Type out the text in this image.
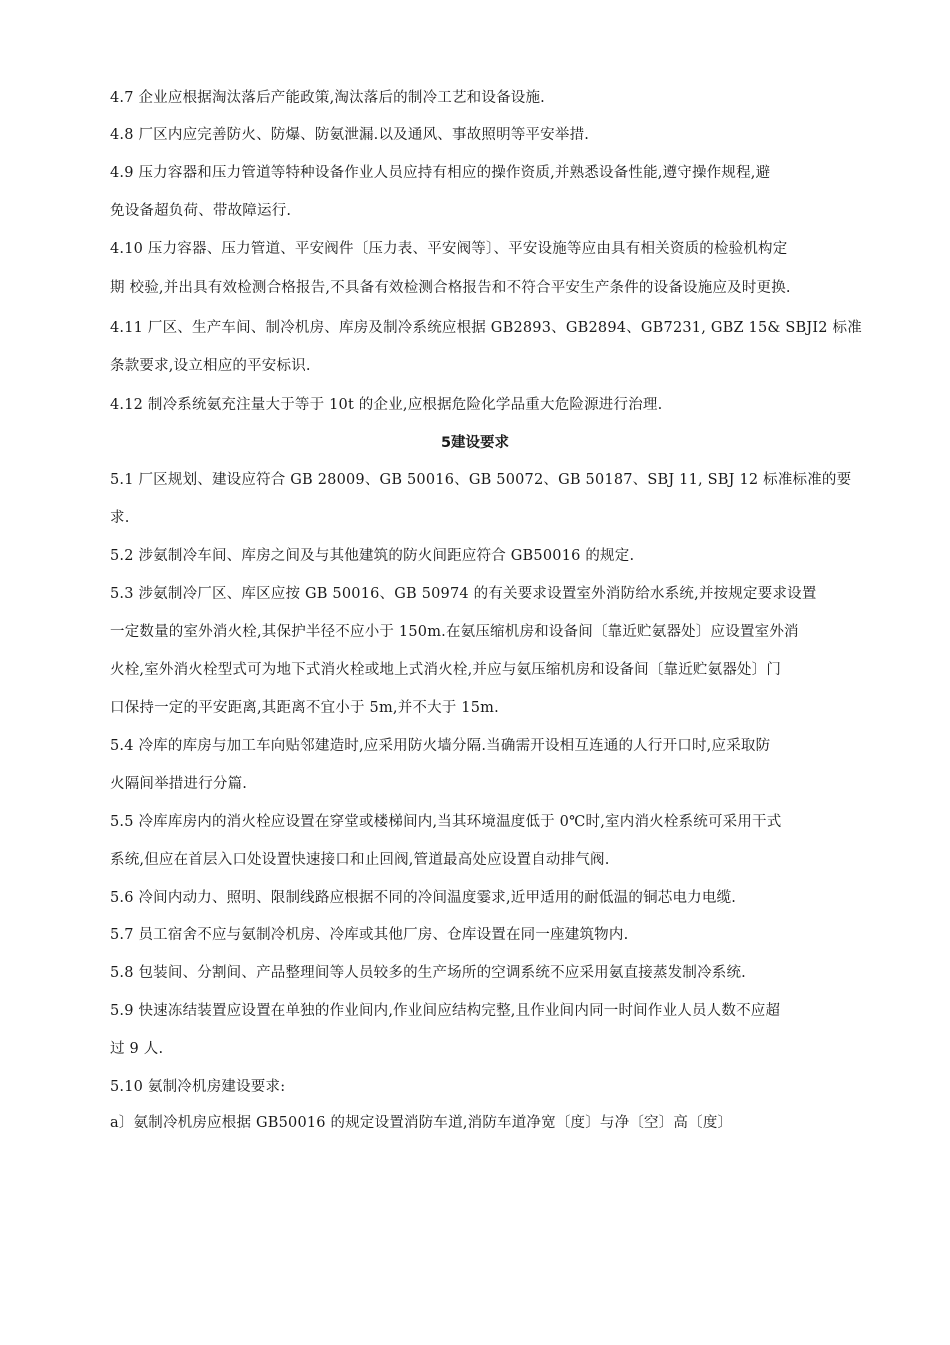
4.7 企业应根据淘汰落后产能政策,淘汰落后的制冷工艺和设备设施.
4.8 厂区内应完善防火、防爆、防氨泄漏.以及通风、事故照明等平安举措.
4.9 压力容器和压力管道等特种设备作业人员应持有相应的操作资质,并熟悉设备性能,遵守操作规程,避
免设备超负荷、带故障运行.
4.10 压力容器、压力管道、平安阀件〔压力表、平安阀等〕、平安设施等应由具有相关资质的检验机构定
期 校验,并出具有效检测合格报告,不具备有效检测合格报告和不符合平安生产条件的设备设施应及时更换.
4.11 厂区、生产车间、制冷机房、库房及制冷系统应根据 GB2893、GB2894、GB7231, GBZ 15& SBJI2 标准
条款要求,设立相应的平安标识.
4.12 制冷系统氨充注量大于等于 10t 的企业,应根据危险化学品重大危险源进行治理.
5建设要求
5.1 厂区规划、建设应符合 GB 28009、GB 50016、GB 50072、GB 50187、SBJ 11, SBJ 12 标准标准的要
求.
5.2 涉氨制冷车间、库房之间及与其他建筑的防火间距应符合 GB50016 的规定.
5.3 涉氨制冷厂区、库区应按 GB 50016、GB 50974 的有关要求设置室外消防给水系统,并按规定要求设置
一定数量的室外消火栓,其保护半径不应小于 150m.在氨压缩机房和设备间〔靠近贮氨器处〕应设置室外消
火栓,室外消火栓型式可为地下式消火栓或地上式消火栓,并应与氨压缩机房和设备间〔靠近贮氨器处〕门
口保持一定的平安距离,其距离不宜小于 5m,并不大于 15m.
5.4 冷库的库房与加工车向贴邻建造时,应采用防火墙分隔.当确需开设相互连通的人行开口时,应采取防
火隔间举措进行分篇.
5.5 冷库库房内的消火栓应设置在穿堂或楼梯间内,当其环境温度低于 0℃时,室内消火栓系统可采用干式
系统,但应在首层入口处设置快速接口和止回阀,管道最高处应设置自动排气阀.
5.6 冷间内动力、照明、限制线路应根据不同的冷间温度霎求,近甲适用的耐低温的铜芯电力电缆.
5.7 员工宿舍不应与氨制冷机房、冷库或其他厂房、仓库设置在同一座建筑物内.
5.8 包装间、分割间、产品整理间等人员较多的生产场所的空调系统不应采用氨直接蒸发制冷系统.
5.9 快速冻结装置应设置在单独的作业间内,作业间应结构完整,且作业间内同一时间作业人员人数不应超
过 9 人.
5.10 氨制冷机房建设要求:
a〕氨制冷机房应根据 GB50016 的规定设置消防车道,消防车道净宽〔度〕与净〔空〕高〔度〕
